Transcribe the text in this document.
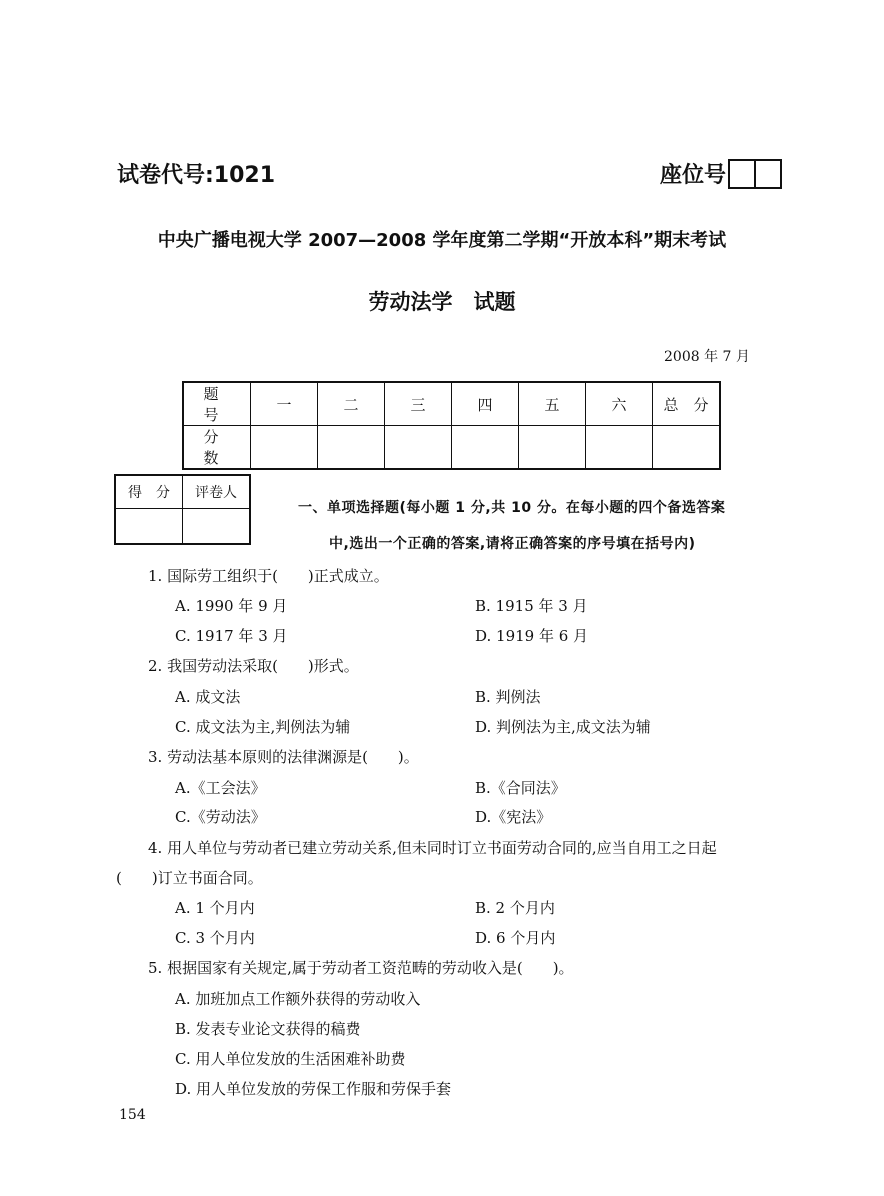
试卷代号:1021	座位号
中央广播电视大学 2007—2008 学年度第二学期“开放本科”期末考试
劳动法学　试题
2008 年 7 月
题　号	一	二	三	四	五	六	总　分
分　数							
得　分	评卷人

一、单项选择题(每小题 1 分,共 10 分。在每小题的四个备选答案
中,选出一个正确的答案,请将正确答案的序号填在括号内)
1. 国际劳工组织于(　　)正式成立。
A. 1990 年 9 月	B. 1915 年 3 月
C. 1917 年 3 月	D. 1919 年 6 月
2. 我国劳动法采取(　　)形式。
A. 成文法	B. 判例法
C. 成文法为主,判例法为辅	D. 判例法为主,成文法为辅
3. 劳动法基本原则的法律渊源是(　　)。
A.《工会法》	B.《合同法》
C.《劳动法》	D.《宪法》
4. 用人单位与劳动者已建立劳动关系,但未同时订立书面劳动合同的,应当自用工之日起
(　　)订立书面合同。
A. 1 个月内	B. 2 个月内
C. 3 个月内	D. 6 个月内
5. 根据国家有关规定,属于劳动者工资范畴的劳动收入是(　　)。
A. 加班加点工作额外获得的劳动收入
B. 发表专业论文获得的稿费
C. 用人单位发放的生活困难补助费
D. 用人单位发放的劳保工作服和劳保手套
154
